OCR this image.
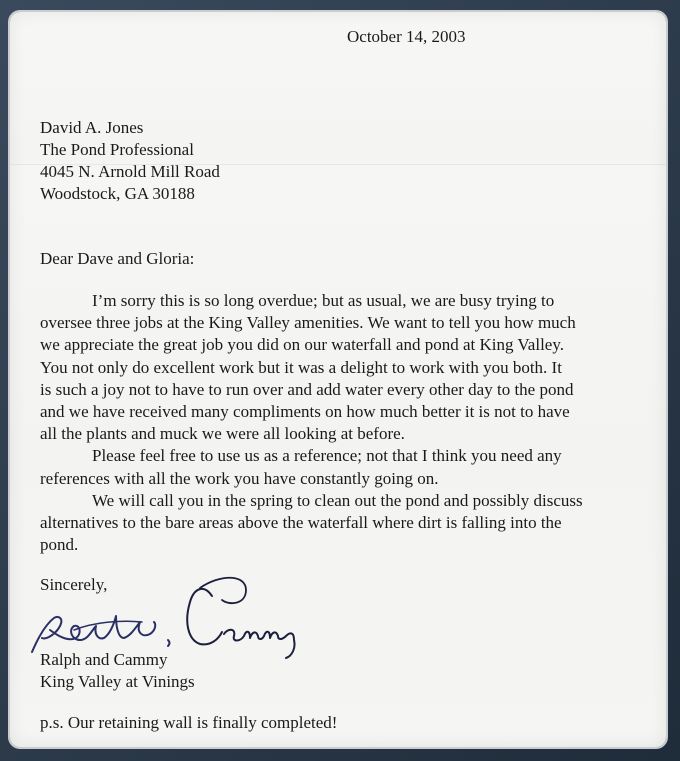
October 14, 2003

David A. Jones
The Pond Professional
4045 N. Arnold Mill Road
Woodstock, GA 30188

Dear Dave and Gloria:

I’m sorry this is so long overdue; but as usual, we are busy trying to
oversee three jobs at the King Valley amenities. We want to tell you how much
we appreciate the great job you did on our waterfall and pond at King Valley.
You not only do excellent work but it was a delight to work with you both. It
is such a joy not to have to run over and add water every other day to the pond
and we have received many compliments on how much better it is not to have
all the plants and muck we were all looking at before.
Please feel free to use us as a reference; not that I think you need any
references with all the work you have constantly going on.
We will call you in the spring to clean out the pond and possibly discuss
alternatives to the bare areas above the waterfall where dirt is falling into the
pond.

Sincerely,

Ralph and Cammy
King Valley at Vinings

p.s. Our retaining wall is finally completed!
